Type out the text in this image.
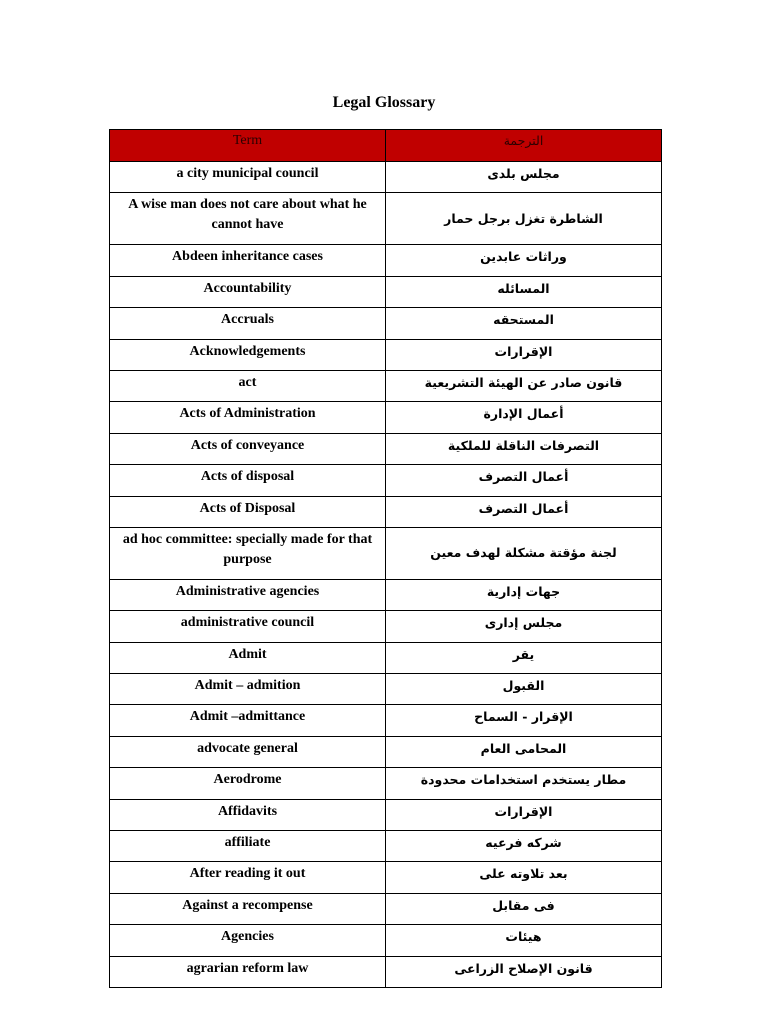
Legal Glossary
Term	الترجمة
a city municipal council	مجلس بلدى
A wise man does not care about what he cannot have	الشاطرة تغزل برجل حمار
Abdeen inheritance cases	وراثات عابدين
Accountability	المسائله
Accruals	المستحقه
Acknowledgements	الإقرارات
act	قانون صادر عن الهيئة التشريعية
Acts of Administration	أعمال الإدارة
Acts of conveyance	التصرفات الناقلة للملكية
Acts of disposal	أعمال التصرف
Acts of Disposal	أعمال التصرف
ad hoc committee: specially made for that purpose	لجنة مؤقتة مشكلة لهدف معين
Administrative agencies	جهات إدارية
administrative council	مجلس إدارى
Admit	يقر
Admit – admition	القبول
Admit –admittance	الإقرار - السماح
advocate general	المحامى العام
Aerodrome	مطار يستخدم استخدامات محدودة
Affidavits	الإقرارات
affiliate	شركه فرعيه
After reading it out	بعد تلاوته على
Against a recompense	فى مقابل
Agencies	هيئات
agrarian reform law	قانون الإصلاح الزراعى
